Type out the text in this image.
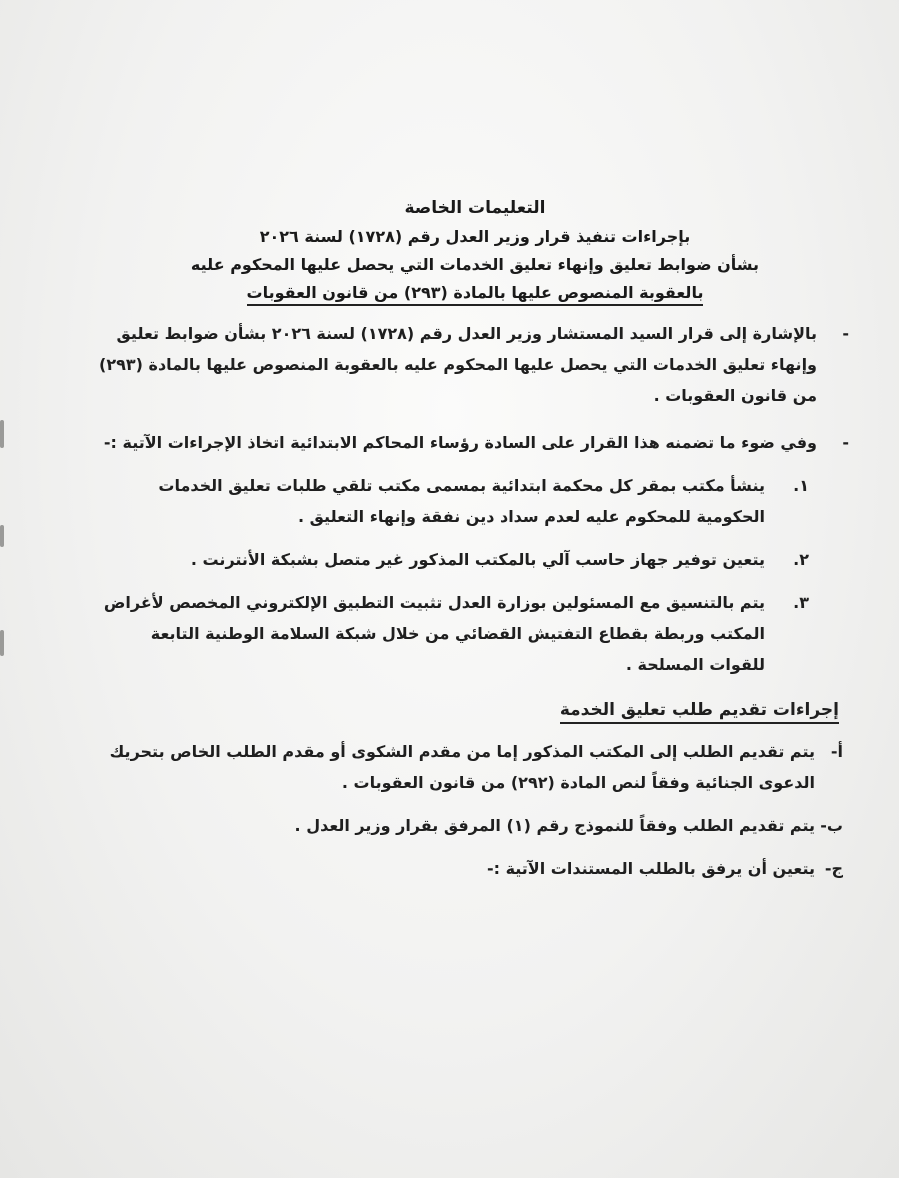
التعليمات الخاصة
بإجراءات تنفيذ قرار وزير العدل رقم (١٧٢٨) لسنة ٢٠٢٦
بشأن ضوابط تعليق وإنهاء تعليق الخدمات التي يحصل عليها المحكوم عليه
بالعقوبة المنصوص عليها بالمادة (٢٩٣) من قانون العقوبات
-
بالإشارة إلى قرار السيد المستشار وزير العدل رقم (١٧٢٨) لسنة ٢٠٢٦ بشأن ضوابط تعليق وإنهاء تعليق الخدمات التي يحصل عليها المحكوم عليه بالعقوبة المنصوص عليها بالمادة (٢٩٣) من قانون العقوبات .
-
وفي ضوء ما تضمنه هذا القرار على السادة رؤساء المحاكم الابتدائية اتخاذ الإجراءات الآتية :-
١.
ينشأ مكتب بمقر كل محكمة ابتدائية بمسمى مكتب تلقي طلبات تعليق الخدمات الحكومية للمحكوم عليه لعدم سداد دين نفقة وإنهاء التعليق .
٢.
يتعين توفير جهاز حاسب آلي بالمكتب المذكور غير متصل بشبكة الأنترنت .
٣.
يتم بالتنسيق مع المسئولين بوزارة العدل تثبيت التطبيق الإلكتروني المخصص لأغراض المكتب وربطة بقطاع التفتيش القضائي من خلال شبكة السلامة الوطنية التابعة للقوات المسلحة .
إجراءات تقديم طلب تعليق الخدمة
أ-
يتم تقديم الطلب إلى المكتب المذكور إما من مقدم الشكوى أو مقدم الطلب الخاص بتحريك الدعوى الجنائية وفقاً لنص المادة (٢٩٢) من قانون العقوبات .
ب-
يتم تقديم الطلب وفقاً للنموذج رقم (١) المرفق بقرار وزير العدل .
ج-
يتعين أن يرفق بالطلب المستندات الآتية :-
